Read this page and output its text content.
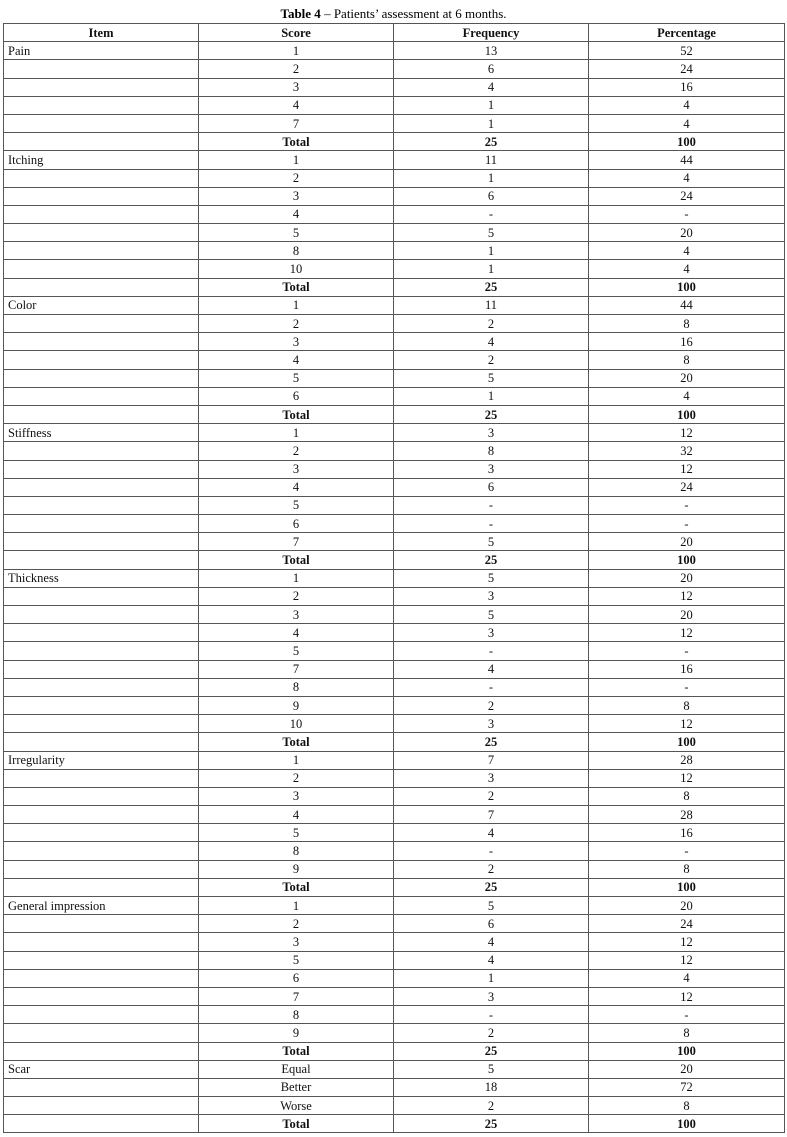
Table 4 – Patients’ assessment at 6 months.
Item	Score	Frequency	Percentage
Pain	1	13	52
	2	6	24
	3	4	16
	4	1	4
	7	1	4
	Total	25	100
Itching	1	11	44
	2	1	4
	3	6	24
	4	-	-
	5	5	20
	8	1	4
	10	1	4
	Total	25	100
Color	1	11	44
	2	2	8
	3	4	16
	4	2	8
	5	5	20
	6	1	4
	Total	25	100
Stiffness	1	3	12
	2	8	32
	3	3	12
	4	6	24
	5	-	-
	6	-	-
	7	5	20
	Total	25	100
Thickness	1	5	20
	2	3	12
	3	5	20
	4	3	12
	5	-	-
	7	4	16
	8	-	-
	9	2	8
	10	3	12
	Total	25	100
Irregularity	1	7	28
	2	3	12
	3	2	8
	4	7	28
	5	4	16
	8	-	-
	9	2	8
	Total	25	100
General impression	1	5	20
	2	6	24
	3	4	12
	5	4	12
	6	1	4
	7	3	12
	8	-	-
	9	2	8
	Total	25	100
Scar	Equal	5	20
	Better	18	72
	Worse	2	8
	Total	25	100
